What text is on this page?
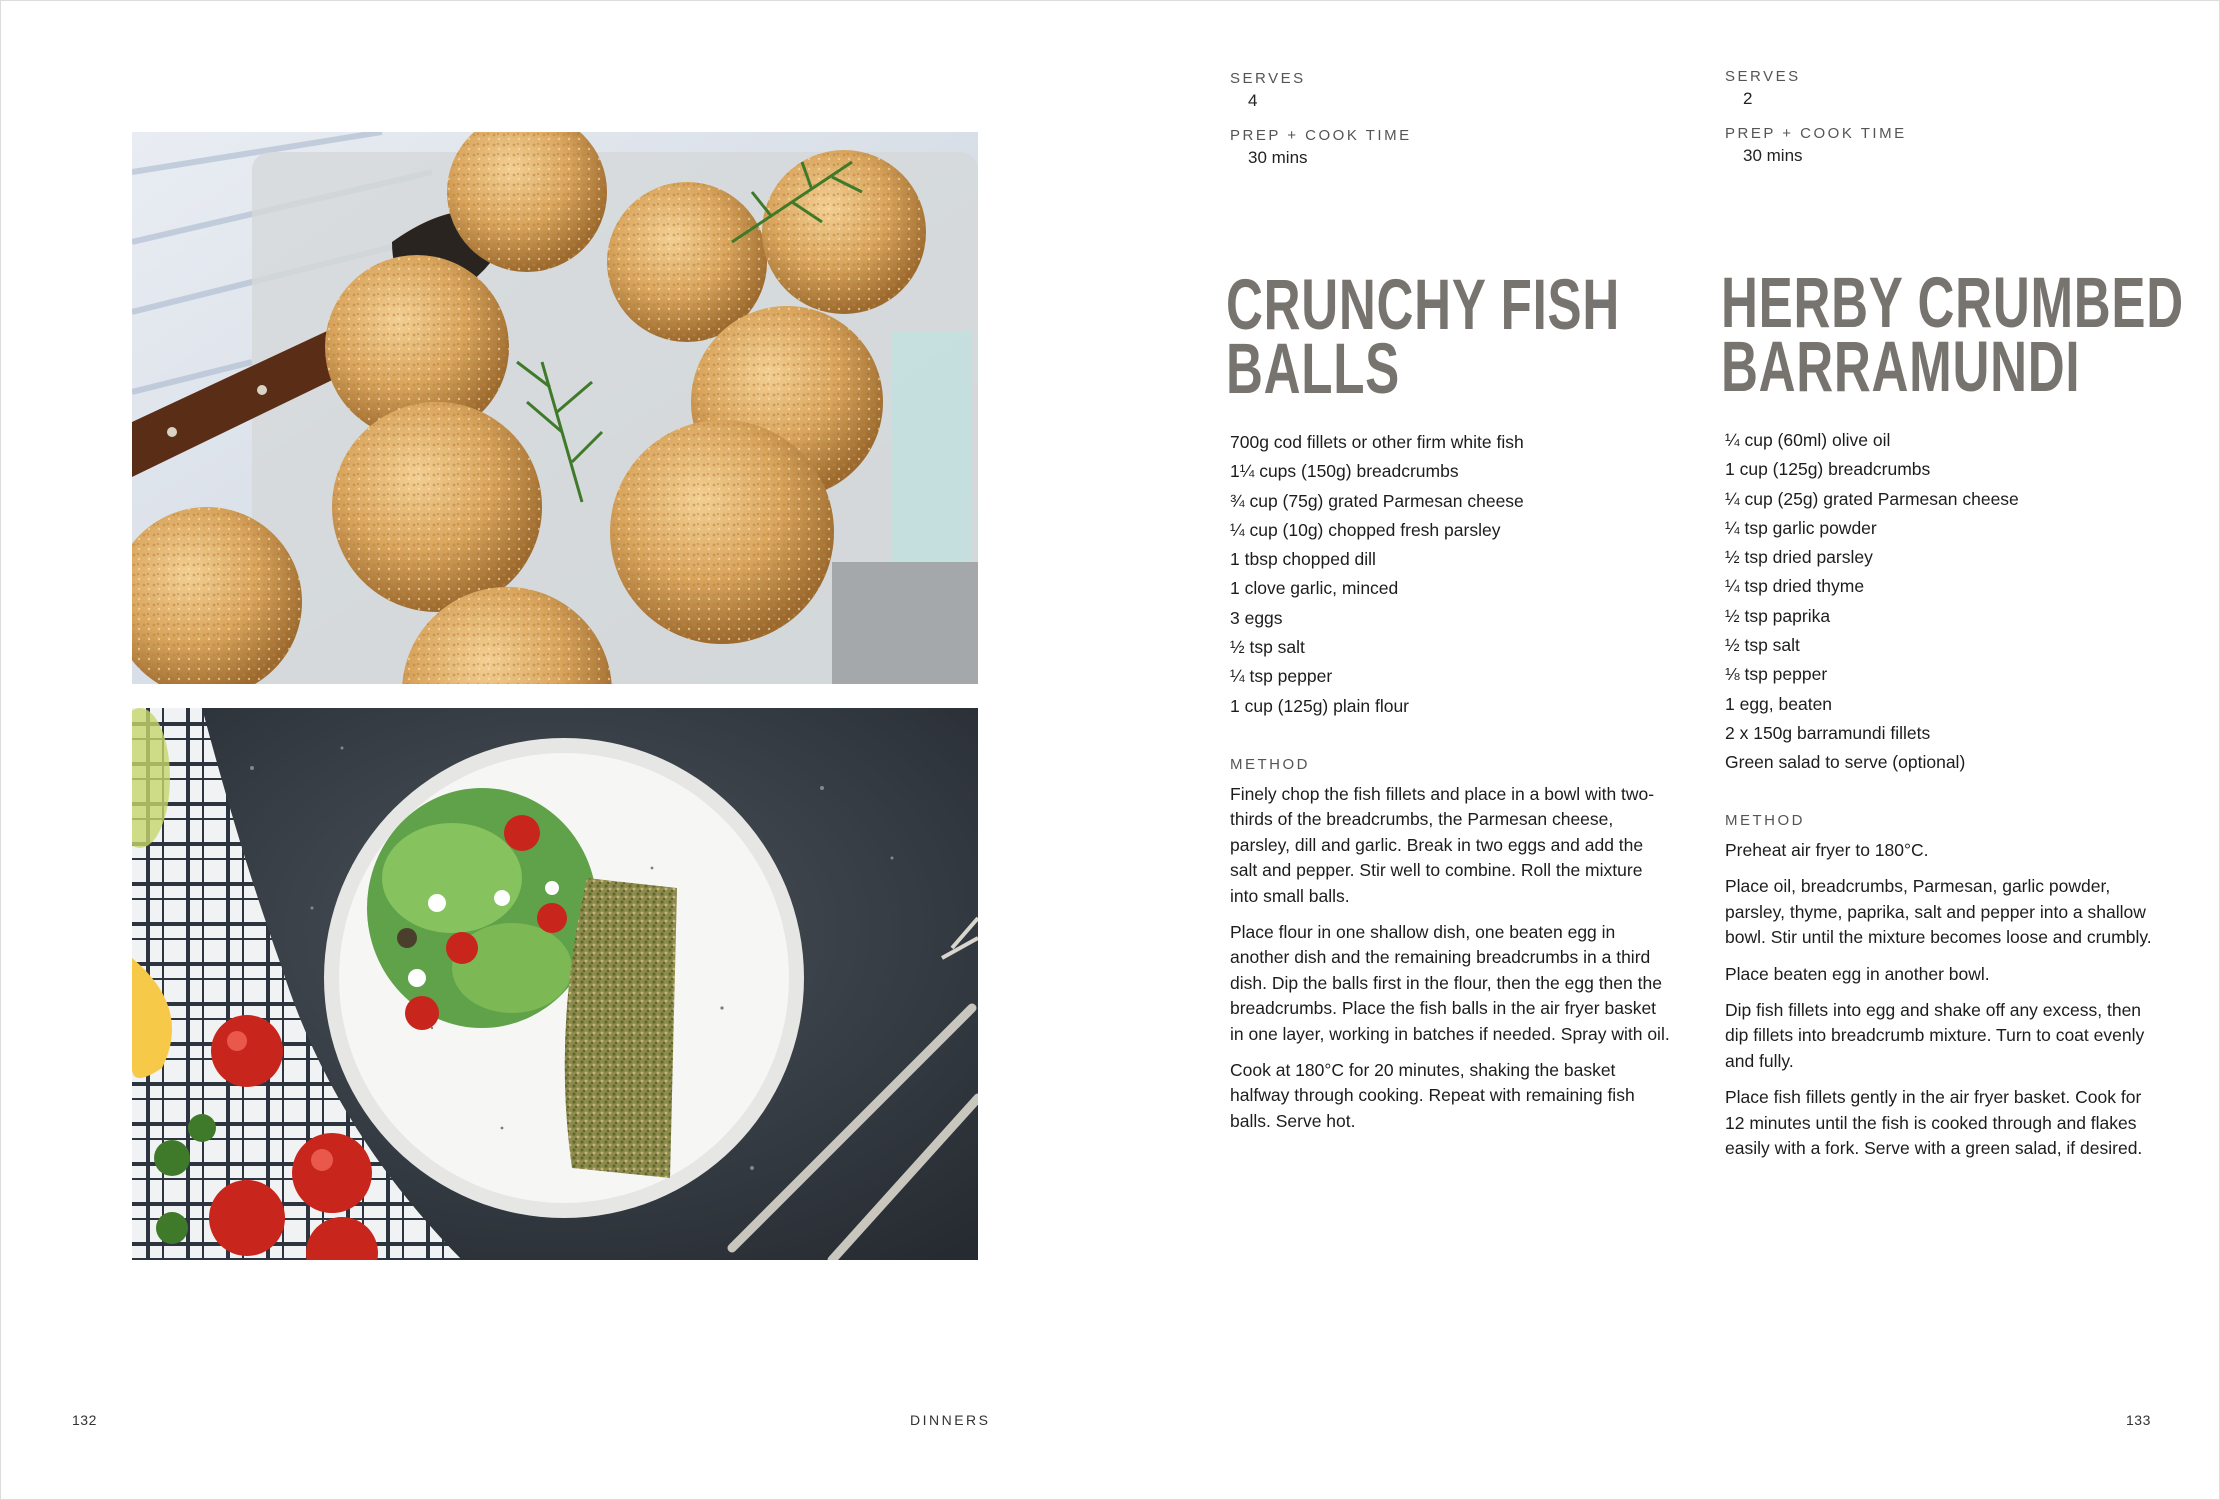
SERVES

4

PREP + COOK TIME

30 mins

CRUNCHY FISH
BALLS
700g cod fillets or other firm white fish
1¼ cups (150g) breadcrumbs
¾ cup (75g) grated Parmesan cheese
¼ cup (10g) chopped fresh parsley
1 tbsp chopped dill
1 clove garlic, minced
3 eggs
½ tsp salt
¼ tsp pepper
1 cup (125g) plain flour

METHOD

Finely chop the fish fillets and place in a bowl with two-thirds of the breadcrumbs, the Parmesan cheese, parsley, dill and garlic. Break in two eggs and add the salt and pepper. Stir well to combine. Roll the mixture into small balls.

Place flour in one shallow dish, one beaten egg in another dish and the remaining breadcrumbs in a third dish. Dip the balls first in the flour, then the egg then the breadcrumbs. Place the fish balls in the air fryer basket in one layer, working in batches if needed. Spray with oil.

Cook at 180°C for 20 minutes, shaking the basket halfway through cooking. Repeat with remaining fish balls. Serve hot.

SERVES

2

PREP + COOK TIME

30 mins

HERBY CRUMBED
BARRAMUNDI
¼ cup (60ml) olive oil
1 cup (125g) breadcrumbs
¼ cup (25g) grated Parmesan cheese
¼ tsp garlic powder
½ tsp dried parsley
¼ tsp dried thyme
½ tsp paprika
½ tsp salt
⅛ tsp pepper
1 egg, beaten
2 x 150g barramundi fillets
Green salad to serve (optional)

METHOD

Preheat air fryer to 180°C.

Place oil, breadcrumbs, Parmesan, garlic powder, parsley, thyme, paprika, salt and pepper into a shallow bowl. Stir until the mixture becomes loose and crumbly.

Place beaten egg in another bowl.

Dip fish fillets into egg and shake off any excess, then dip fillets into breadcrumb mixture. Turn to coat evenly and fully.

Place fish fillets gently in the air fryer basket. Cook for 12 minutes until the fish is cooked through and flakes easily with a fork. Serve with a green salad, if desired.

132	DINNERS	133
